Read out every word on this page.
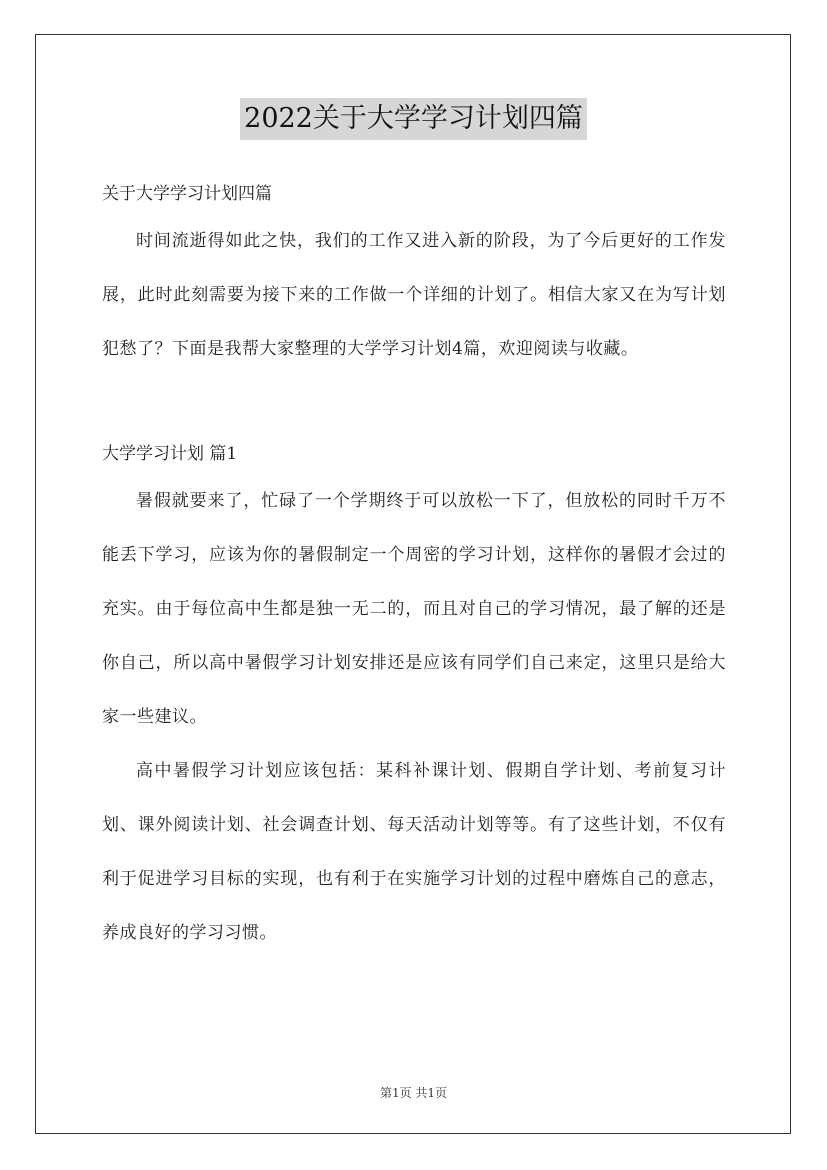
2022关于大学学习计划四篇

关于大学学习计划四篇

时间流逝得如此之快，我们的工作又进入新的阶段，为了今后更好的工作发展，此时此刻需要为接下来的工作做一个详细的计划了。相信大家又在为写计划犯愁了？下面是我帮大家整理的大学学习计划4篇，欢迎阅读与收藏。

大学学习计划 篇1

暑假就要来了，忙碌了一个学期终于可以放松一下了，但放松的同时千万不能丢下学习，应该为你的暑假制定一个周密的学习计划，这样你的暑假才会过的充实。由于每位高中生都是独一无二的，而且对自己的学习情况，最了解的还是你自己，所以高中暑假学习计划安排还是应该有同学们自己来定，这里只是给大家一些建议。

高中暑假学习计划应该包括：某科补课计划、假期自学计划、考前复习计划、课外阅读计划、社会调查计划、每天活动计划等等。有了这些计划，不仅有利于促进学习目标的实现，也有利于在实施学习计划的过程中磨炼自己的意志，养成良好的学习习惯。

第1页 共1页
